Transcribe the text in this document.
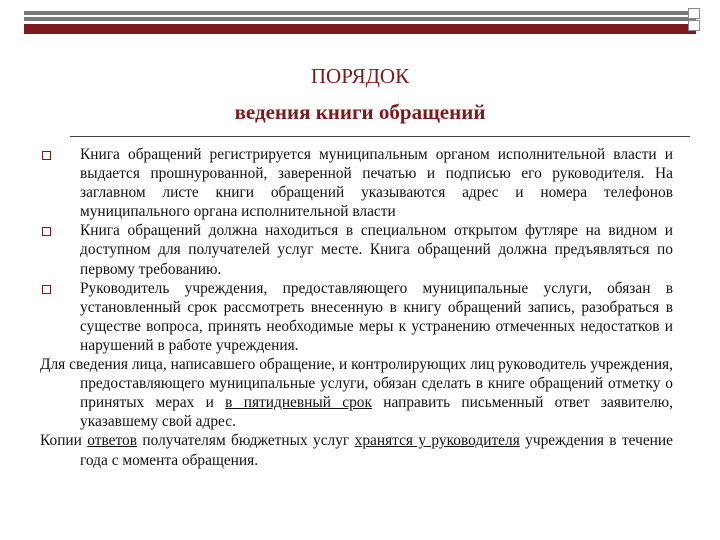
ПОРЯДОК
ведения книги обращений
Книга обращений регистрируется муниципальным органом исполнительной власти и выдается прошнурованной, заверенной печатью и подписью его руководителя. На заглавном листе книги обращений указываются адрес и номера телефонов муниципального органа исполнительной власти
Книга обращений должна находиться в специальном открытом футляре на видном и доступном для получателей услуг месте. Книга обращений должна предъявляться по первому требованию.
Руководитель учреждения, предоставляющего муниципальные услуги, обязан в установленный срок рассмотреть внесенную в книгу обращений запись, разобраться в существе вопроса, принять необходимые меры к устранению отмеченных недостатков и нарушений в работе учреждения.
Для сведения лица, написавшего обращение, и контролирующих лиц руководитель учреждения, предоставляющего муниципальные услуги, обязан сделать в книге обращений отметку о принятых мерах и в пятидневный срок направить письменный ответ заявителю, указавшему свой адрес.
Копии ответов получателям бюджетных услуг хранятся у руководителя учреждения в течение года с момента обращения.
